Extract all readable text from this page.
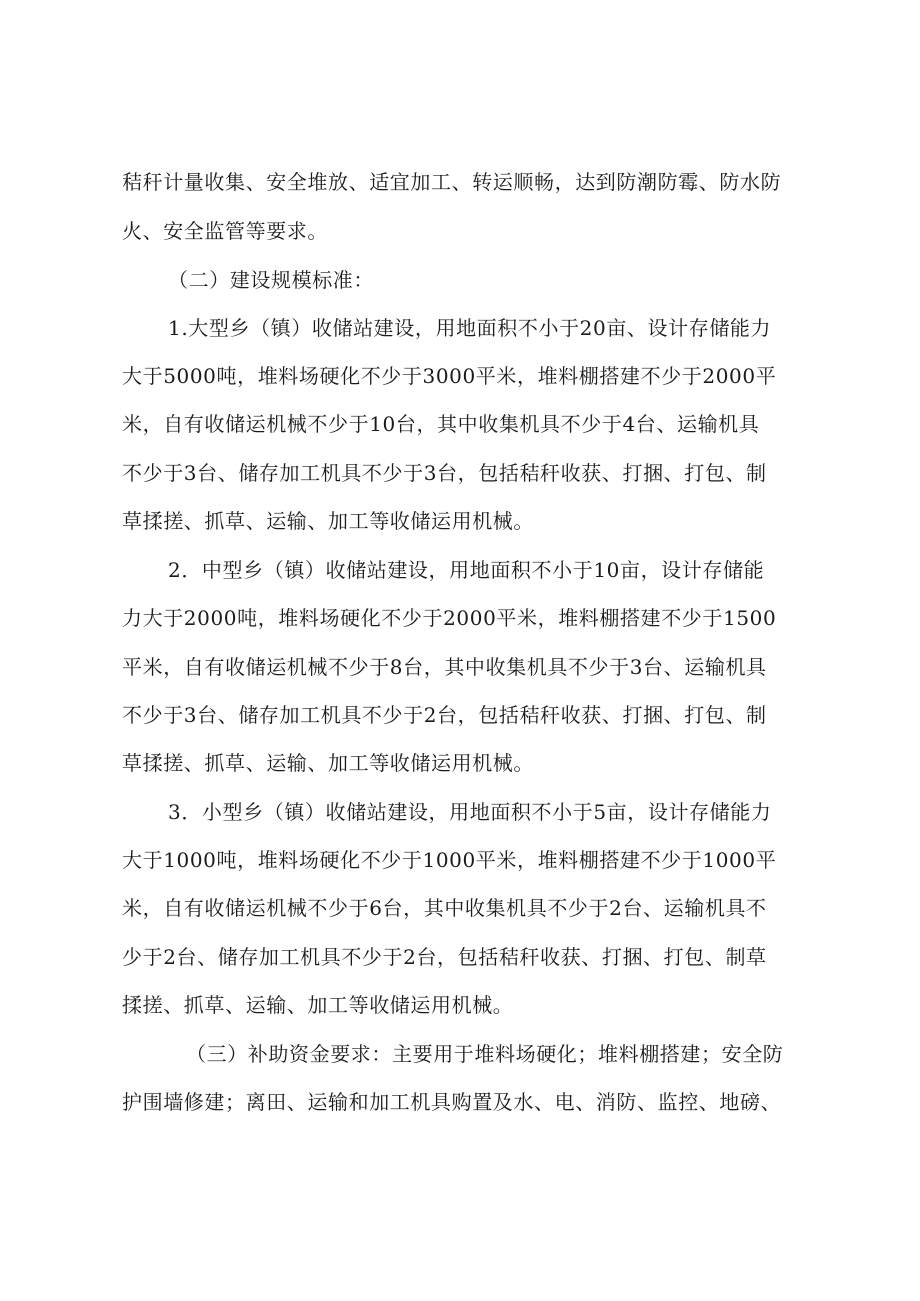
秸秆计量收集、安全堆放、适宜加工、转运顺畅，达到防潮防霉、防水防

火、安全监管等要求。

（二）建设规模标准：

1.大型乡（镇）收储站建设，用地面积不小于20亩、设计存储能力

大于5000吨，堆料场硬化不少于3000平米，堆料棚搭建不少于2000平

米，自有收储运机械不少于10台，其中收集机具不少于4台、运输机具

不少于3台、储存加工机具不少于3台，包括秸秆收获、打捆、打包、制

草揉搓、抓草、运输、加工等收储运用机械。

2．中型乡（镇）收储站建设，用地面积不小于10亩，设计存储能

力大于2000吨，堆料场硬化不少于2000平米，堆料棚搭建不少于1500

平米，自有收储运机械不少于8台，其中收集机具不少于3台、运输机具

不少于3台、储存加工机具不少于2台，包括秸秆收获、打捆、打包、制

草揉搓、抓草、运输、加工等收储运用机械。

3．小型乡（镇）收储站建设，用地面积不小于5亩，设计存储能力

大于1000吨，堆料场硬化不少于1000平米，堆料棚搭建不少于1000平

米，自有收储运机械不少于6台，其中收集机具不少于2台、运输机具不

少于2台、储存加工机具不少于2台，包括秸秆收获、打捆、打包、制草

揉搓、抓草、运输、加工等收储运用机械。

（三）补助资金要求：主要用于堆料场硬化；堆料棚搭建；安全防

护围墙修建；离田、运输和加工机具购置及水、电、消防、监控、地磅、
